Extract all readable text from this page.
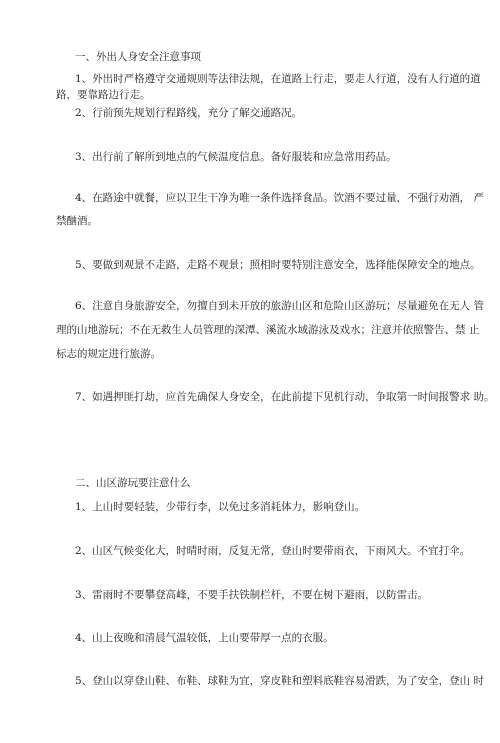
一、外出人身安全注意事项
1、外出时严格遵守交通规则等法律法规，在道路上行走，要走人行道，没有人行道的道
路，要靠路边行走。
2、行前预先规划行程路线，充分了解交通路况。
3、出行前了解所到地点的气候温度信息。备好服装和应急常用药品。
4、在路途中就餐，应以卫生干净为唯一条件选择食品。饮酒不要过量，不强行劝酒， 严
禁酗酒。
5、要做到观景不走路，走路不观景；照相时要特别注意安全，选择能保障安全的地点。
6、注意自身旅游安全，勿擅自到未开放的旅游山区和危险山区游玩；尽量避免在无人 管
理的山地游玩；不在无救生人员管理的深潭、溪流水域游泳及戏水；注意并依照警告、禁 止
标志的规定进行旅游。
7、如遇押匪打劫，应首先确保人身安全，在此前提下见机行动，争取第一时间报警求 助。
二、山区游玩要注意什么
1、上山时要轻装，少带行李，以免过多消耗体力，影响登山。
2、山区气候变化大，时晴时雨，反复无常，登山时要带雨衣，下雨风大。不宜打伞。
3、雷雨时不要攀登高峰，不要手扶铁制栏杆，不要在树下避雨，以防雷击。
4、山上夜晚和清晨气温较低，上山要带厚一点的衣服。
5、登山以穿登山鞋、布鞋、球鞋为宜，穿皮鞋和塑料底鞋容易滑跌，为了安全，登山 时
